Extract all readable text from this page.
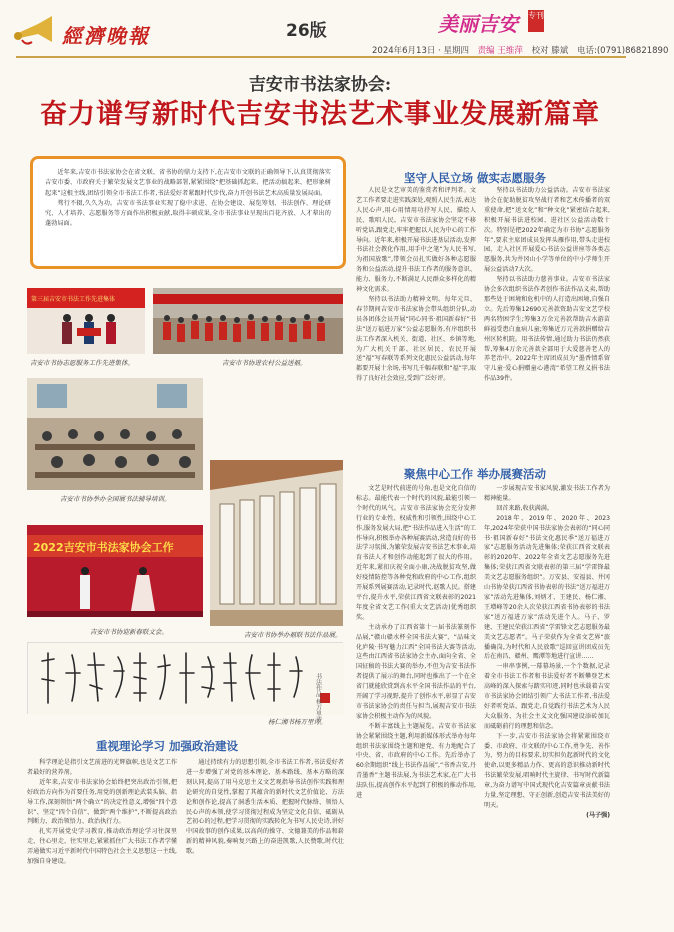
經濟晚報	26版	美丽吉安 专刊
2024年6月13日 · 星期四 责编 王维萍 校对 滕斌 电话:(0791)86821890
吉安市书法家协会:
奋力谱写新时代吉安书法艺术事业发展新篇章

近年来,吉安市书法家协会在省文联、省书协的鼎力支持下,在吉安市文联的正确领导下,认真贯彻落实吉安市委、市政府关于繁荣发展文艺事业的战略部署,紧紧围绕“把基础抓起来、把活动搞起来、把形象树起来”这根主线,团结引领全市书法工作者,书法爱好者紧跟时代步伐,奋力开创书法艺术高质量发展局面。

骛行不辍,久久为功。吉安市书法事业实现了稳中求进、在协会建设、展览筹划、书法创作、理论研究、人才培养、志愿服务等方面作出积极贡献,取得丰硕成果,全市书法事业呈现出百花齐放、人才辈出的蓬勃局面。

第三届吉安市书法工作先进集体
吉安市书协志愿服务工作先进集体。	吉安市书协进农村公益送福。
吉安市书协举办全国展书法辅导培训。
2022吉安市书法家协会工作
吉安市书协迎新春联文会。	吉安市书协举办福联书法作品展。
书法作品 杨万里诗
杨仁湘书杨万里诗。
坚守人民立场 做实志愿服务

人民是文艺审美的鉴赏者和评判者。文艺工作者要走进实践深处,观照人民生活,表达人民心声,用心用情用功抒写人民、描绘人民、歌唱人民。吉安市书法家协会坚定不移听党话,跟党走,牢牢把握以人民为中心的工作导向。近年来,积极开展书法进基层活动,发挥书法社会教化作用,用手中之笔“为人民书写,为祖国放歌”,带领会员扎实做好各种志愿服务和公益活动,提升书法工作者的服务意识、能力、服务力,不断满足人民群众多样化的精神文化需求。

坚持以书法助力精神文明。每年元旦、春节期间吉安市书法家协会带头组织分队,动员各团体会员开展“同心同书·祖国新春好”书法“送万福进万家”公益志愿服务,有序组织书法工作者深入机关、街道、社区、乡镇等地,为广大机关干部、社区居民、农民开展送“福”写春联等系列文化惠民公益活动,每年都要开展十余场,书写几千幅春联和“福”字,取得了良好社会效应,受到广泛好评。

坚持以书法助力公益活动。吉安市书法家协会在促助脱贫攻坚战行者和艺术传播者的双重使命,把“送文化”和“种文化”紧密结合起来,积极开展书法进校园、进社区公益活动数十次。特别是把2022年确定为市书协“志愿服务年”,要求主席团成员发挥头雁作用,带头走进校园、走入社区开展爱心书法公益讲座等各类志愿服务,共为井冈山小学等单位的中小学师生开展公益活动7大次。

坚持以书法助力慈善事业。吉安市书法家协会多次组织书法作者创作书法作品义卖,帮助那些处于困境和危机中的人打造出困境,自强自立。先后筹集12690元善款资助吉安文艺学校两名特困学生;筹集3万余元善款帮助吉水游苗鲜福受患白血病儿童;筹集近万元善款捐赠给吉州区转机院。用书法传情,通过助力书法仍然获帮,筹集4万余元善款全部用于大爱慈善老人的养老治中。2022年主席团成员为“墨香情系留守儿童·爱心捐赠童心港湾”希望工程义捐书法作品39件。

聚焦中心工作 举办展赛活动

文艺是时代前进的号角,也是文化自信的标志。最能代表一个时代的风貌,最能引领一个时代的风气。吉安市书法家协会充分发挥行业的专业性、权威性和引领性,围绕中心工作,服务发展大局,把“书法作品进入生活”的工作导向,积极举办各种展赛活动,营造良好的书法学习氛围,为繁荣发展吉安书法艺术事业,培育书法人才和创作动能起到了很大的作用。近年来,紧扣庆祝全面小康,决战脱贫攻坚,做好疫情防控等各种党和政府的中心工作,组织开展系列展赛活动,记录时代,讴歌人民。搭建平台,提升水平,荣获江西省文联表彰的2021年度全省文艺工作(重大文艺活动)优秀组织奖。

主动承办了江西省第十一届书法篆刻作品展,“赣山赣水杯全国书法大赛”、“品味文化庐陵·书写魅力江西”全国书法大赛等活动,这些由江西省书法家协会主办,面向全省、全国征稿的书法大赛的举办,不但为吉安书法作者提供了展示的舞台,同时也推出了一个在全省门就能欣赏到高水平全国书法作品的平台,开阔了学习视野,提升了创作水平,彰显了吉安市书法家协会的责任与担当,展现吉安市书法家协会积极主动作为的风貌。

不断丰富线上主题展览。吉安市书法家协会紧紧围绕主题,利用新媒体形式举办每年组织书法家围绕主题和建党、有力地配合了中央、省、市政府的中心工作。先后举办了60余期组织“线上书法作品展”,“书香吉安,丹青墨香”主题书法展,为书法艺术家,在广大书法队伍,提高创作水平起到了积极的推动作用,进

一步展现吉安书家风貌,激发书法工作者为精神能量。

回首来路,收获满满。

2018年、2019年、2020年、2023年,2024年荣获中国书法家协会表彰的“同心同书·祖国新春好”书法文化惠民季“送万福进万家”志愿服务活动先进集体;荣获江西省文联表彰的2020年、2022年全省文艺志愿服务先进集体;荣获江西省文联表彰的第三届“学雷锋最美文艺志愿服务组织”。万安县、安福县、井冈山书协荣获江西省书协表彰的书法“送万福进万家”活动先进集体,刘炳才、王建民、杨仁湘、王增峰等20余人次荣获江西省书协表彰的书法家“送万福进万家”活动先进个人。马子、罗建、王建民荣获江西省“学雷锋文艺志愿服务最美文艺志愿者”。马子荣获作为全省文艺界“旅播确岗,为时代和人民放歌”巡回宣讲团成员先后在南昌、赣州、鹰潭等地进行宣讲……

一串串事例,一幕幕场景,一个个数据,记录着全市书法工作者和书法爱好者不断攀登艺术高峰的深入探索与踏实印迹,同时也承载着吉安市书法家协会团结引领广大书法工作者,书法爱好者听党话、跟党走,自觉践行书法艺术为人民大众服务、为社会主义文化强国建设添砖加瓦而砥砺前行的理想和信念。

下一步,吉安市书法家协会将紧紧围绕市委、市政府、市文联的中心工作,勇争先、善作为、努力的目标要求,切实担负起新时代的文化使命,以更多精品力作、更高的意识推动新时代书法繁荣发展,唱响时代主旋律、书写时代新篇章,为奋力谱写中国式现代化吉安篇章贡献书法力量,坚定理想、守正创新,创造吉安书法美好的明天。

(马子强)

重视理论学习 加强政治建设

科学理论是指引文艺前进的光辉旗帜,也是文艺工作者最好的营养剂。

近年来,吉安市书法家协会始终把突出政治引领,把好政治方向作为首要任务,用党的创新理论武装头脑、指导工作,深刻领悟“两个确立”的决定性意义,增强“四个意识”、坚定“四个自信”、做到“两个维护”,不断提高政治判断力、政治领悟力、政治执行力。

扎实开展党史学习教育,推动政治理论学习往深里走、往心里走、往实里走,紧紧抓住广大书法工作者学懂弄通做实习近平新时代中国特色社会主义思想这一主线,加强自身建设。

通过持续有力的思想引领,全市书法工作者,书法爱好者进一步增强了对党的基本理论、基本路线、基本方略的深刻认同,提高了用马克思主义文艺观指导书法创作实践和理论研究的自觉性,掌握了其蕴含的新时代文艺价值论、方法论和创作论,提高了洞悉生活本质、把握时代脉络、领悟人民心声的本领,使学习贯彻过程成为坚定文化自信、砥砺从艺初心的过程,把学习贯彻的实践转化为书写人民史诗,讲好中国故事的创作成果,以高尚的操守、文德兼美的作品和崭新的精神风貌,奏响复兴路上的奋进凯歌,人民赞歌,时代壮歌。
